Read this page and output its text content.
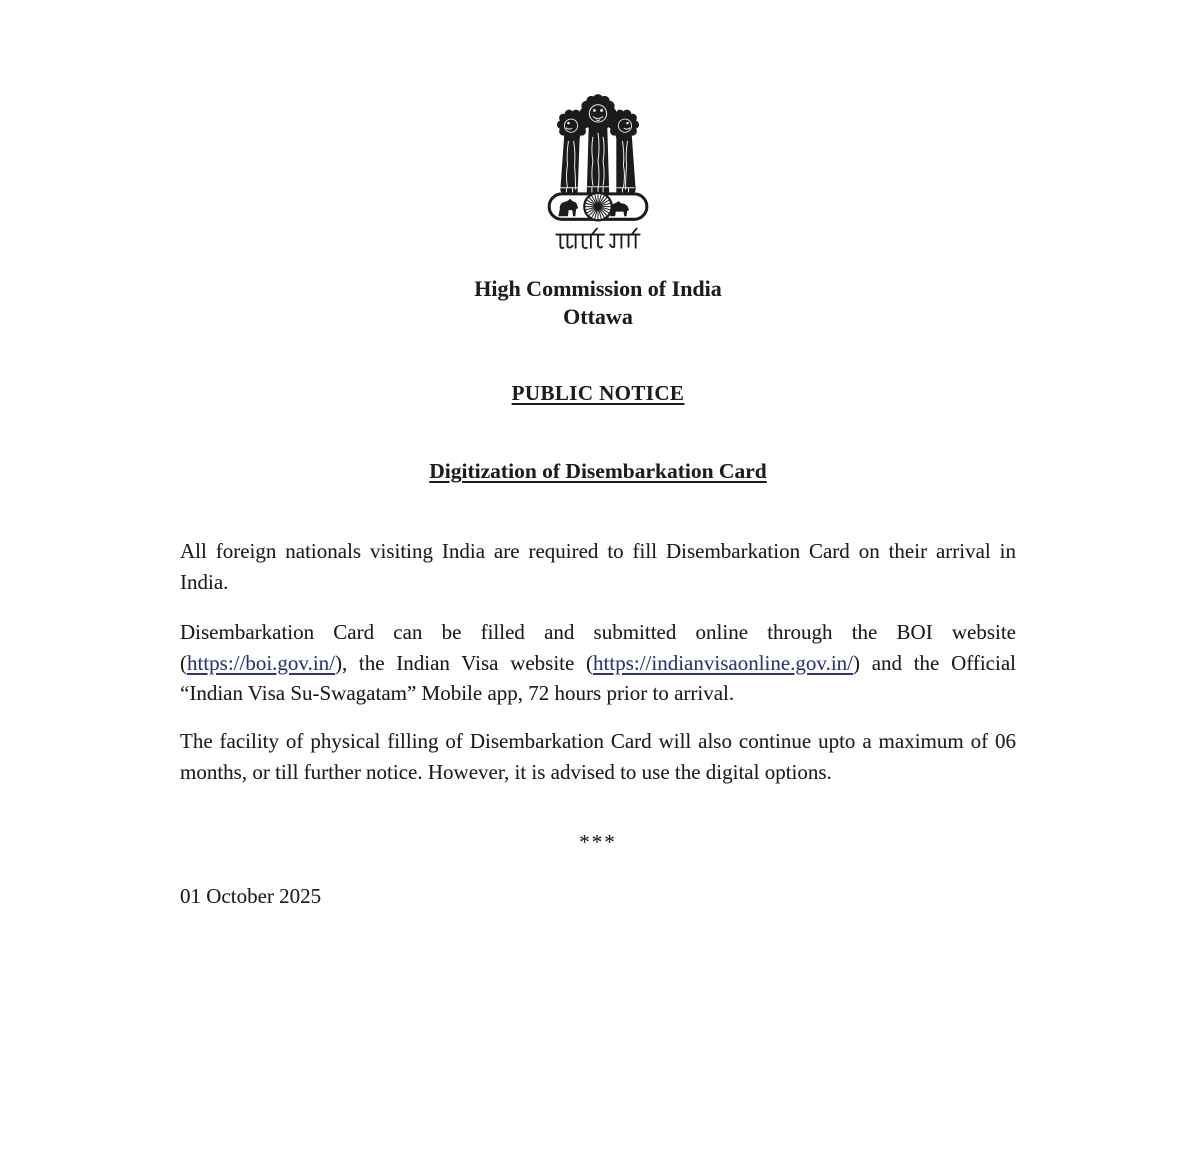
High Commission of India
Ottawa
PUBLIC NOTICE
Digitization of Disembarkation Card

All foreign nationals visiting India are required to fill Disembarkation Card on their arrival in India.

Disembarkation Card can be filled and submitted online through the BOI website (https://boi.gov.in/), the Indian Visa website (https://indianvisaonline.gov.in/) and the Official “Indian Visa Su-Swagatam” Mobile app, 72 hours prior to arrival.

The facility of physical filling of Disembarkation Card will also continue upto a maximum of 06 months, or till further notice. However, it is advised to use the digital options.

***
01 October 2025
